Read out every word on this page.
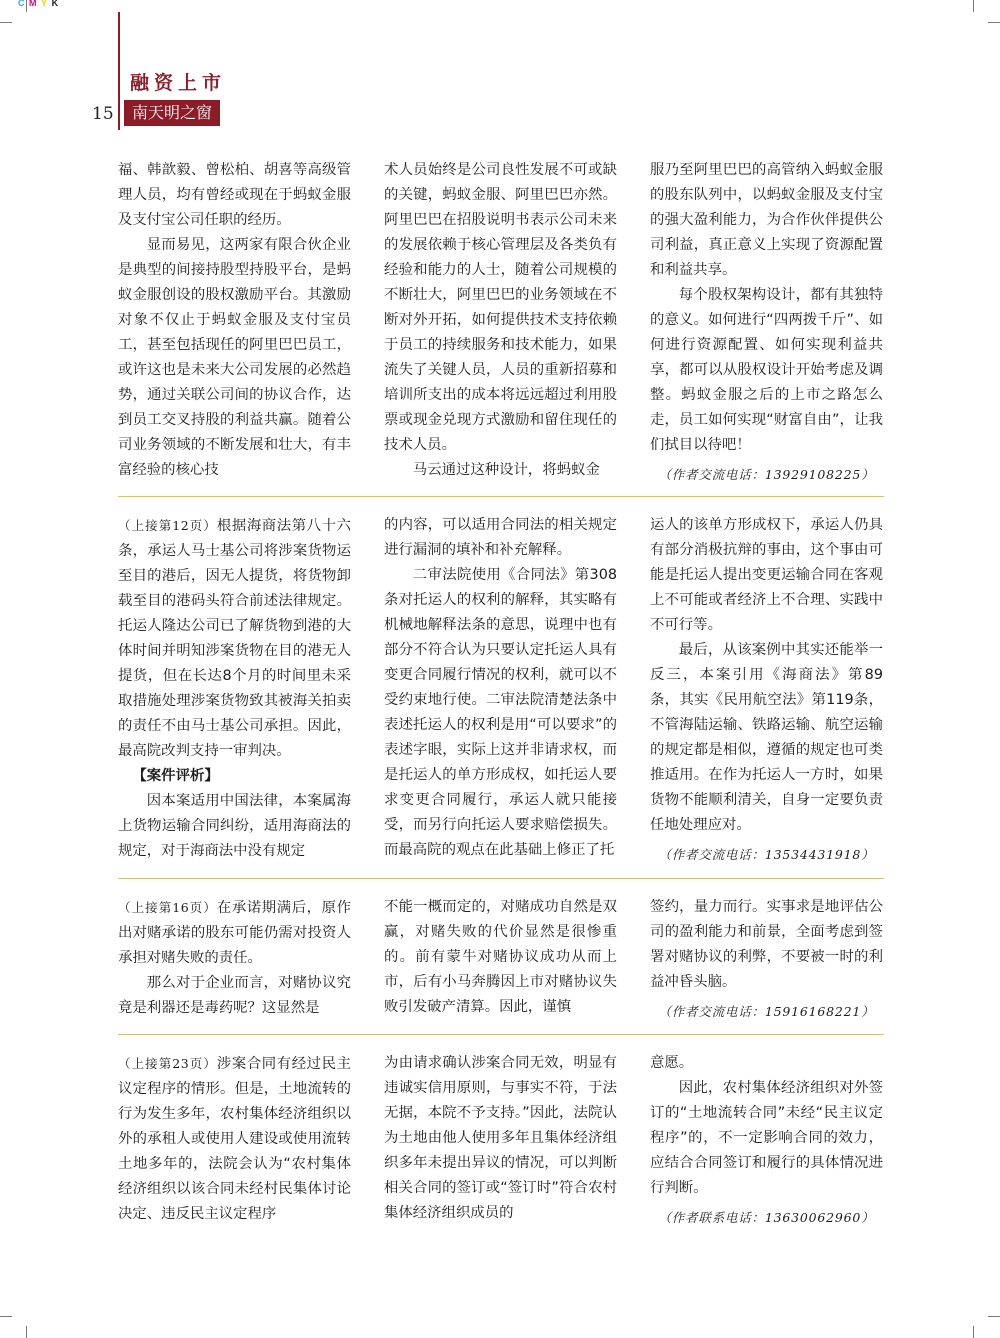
C M Y K
融资上市
15	南天明之窗

福、韩歆毅、曾松柏、胡喜等高级管理人员，均有曾经或现在于蚂蚁金服及支付宝公司任职的经历。

显而易见，这两家有限合伙企业是典型的间接持股型持股平台，是蚂蚁金服创设的股权激励平台。其激励对象不仅止于蚂蚁金服及支付宝员工，甚至包括现任的阿里巴巴员工，或许这也是未来大公司发展的必然趋势，通过关联公司间的协议合作，达到员工交叉持股的利益共赢。随着公司业务领域的不断发展和壮大，有丰富经验的核心技

术人员始终是公司良性发展不可或缺的关键，蚂蚁金服、阿里巴巴亦然。阿里巴巴在招股说明书表示公司未来的发展依赖于核心管理层及各类负有经验和能力的人士，随着公司规模的不断壮大，阿里巴巴的业务领域在不断对外开拓，如何提供技术支持依赖于员工的持续服务和技术能力，如果流失了关键人员，人员的重新招募和培训所支出的成本将远远超过利用股票或现金兑现方式激励和留住现任的技术人员。

马云通过这种设计，将蚂蚁金

服乃至阿里巴巴的高管纳入蚂蚁金服的股东队列中，以蚂蚁金服及支付宝的强大盈利能力，为合作伙伴提供公司利益，真正意义上实现了资源配置和利益共享。

每个股权架构设计，都有其独特的意义。如何进行“四两拨千斤”、如何进行资源配置、如何实现利益共享，都可以从股权设计开始考虑及调整。蚂蚁金服之后的上市之路怎么走，员工如何实现“财富自由”，让我们拭目以待吧！

（作者交流电话：13929108225）

（上接第12页）根据海商法第八十六条，承运人马士基公司将涉案货物运至目的港后，因无人提货，将货物卸载至目的港码头符合前述法律规定。托运人隆达公司已了解货物到港的大体时间并明知涉案货物在目的港无人提货，但在长达8个月的时间里未采取措施处理涉案货物致其被海关拍卖的责任不由马士基公司承担。因此，最高院改判支持一审判决。

【案件评析】

因本案适用中国法律，本案属海上货物运输合同纠纷，适用海商法的规定，对于海商法中没有规定

的内容，可以适用合同法的相关规定进行漏洞的填补和补充解释。

二审法院使用《合同法》第308条对托运人的权利的解释，其实略有机械地解释法条的意思，说理中也有部分不符合认为只要认定托运人具有变更合同履行情况的权利，就可以不受约束地行使。二审法院清楚法条中表述托运人的权利是用“可以要求”的表述字眼，实际上这并非请求权，而是托运人的单方形成权，如托运人要求变更合同履行，承运人就只能接受，而另行向托运人要求赔偿损失。而最高院的观点在此基础上修正了托

运人的该单方形成权下，承运人仍具有部分消极抗辩的事由，这个事由可能是托运人提出变更运输合同在客观上不可能或者经济上不合理、实践中不可行等。

最后，从该案例中其实还能举一反三，本案引用《海商法》第89条，其实《民用航空法》第119条，不管海陆运输、铁路运输、航空运输的规定都是相似，遵循的规定也可类推适用。在作为托运人一方时，如果货物不能顺利清关，自身一定要负责任地处理应对。

（作者交流电话：13534431918）

（上接第16页）在承诺期满后，原作出对赌承诺的股东可能仍需对投资人承担对赌失败的责任。

那么对于企业而言，对赌协议究竟是利器还是毒药呢？这显然是

不能一概而定的，对赌成功自然是双赢，对赌失败的代价显然是很惨重的。前有蒙牛对赌协议成功从而上市，后有小马奔腾因上市对赌协议失败引发破产清算。因此，谨慎

签约，量力而行。实事求是地评估公司的盈利能力和前景，全面考虑到签署对赌协议的利弊，不要被一时的利益冲昏头脑。

（作者交流电话：15916168221）

（上接第23页）涉案合同有经过民主议定程序的情形。但是，土地流转的行为发生多年，农村集体经济组织以外的承租人或使用人建设或使用流转土地多年的，法院会认为“农村集体经济组织以该合同未经村民集体讨论决定、违反民主议定程序

为由请求确认涉案合同无效，明显有违诚实信用原则，与事实不符，于法无据，本院不予支持。”因此，法院认为土地由他人使用多年且集体经济组织多年未提出异议的情况，可以判断相关合同的签订或“签订时”符合农村集体经济组织成员的

意愿。

因此，农村集体经济组织对外签订的“土地流转合同”未经“民主议定程序”的，不一定影响合同的效力，应结合合同签订和履行的具体情况进行判断。

（作者联系电话：13630062960）
